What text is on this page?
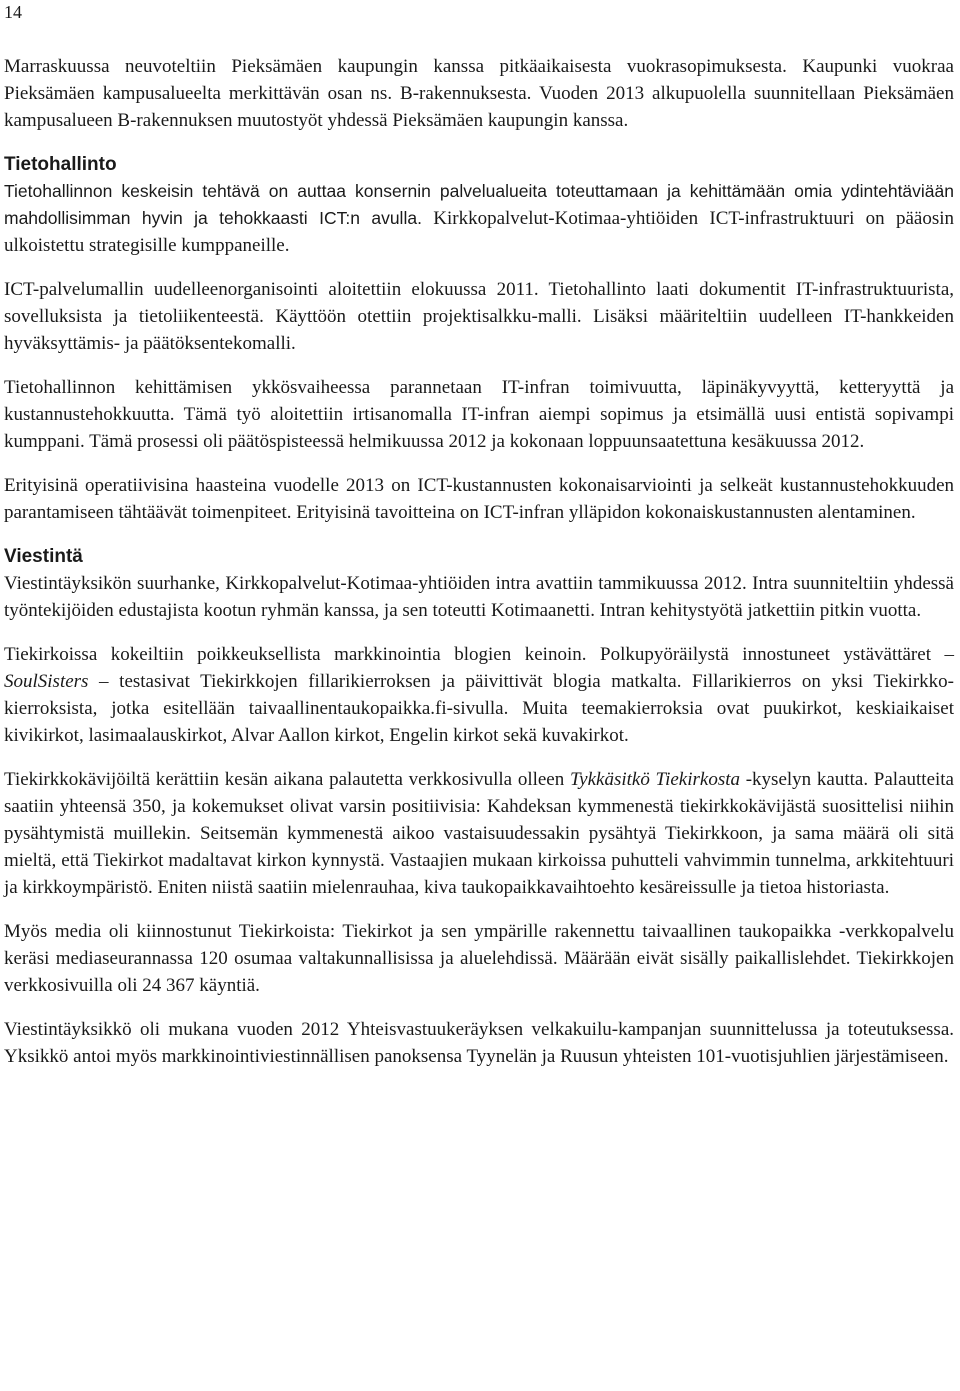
14

Marraskuussa neuvoteltiin Pieksämäen kaupungin kanssa pitkäaikaisesta vuokrasopimuksesta. Kaupunki vuokraa Pieksämäen kampusalueelta merkittävän osan ns. B-rakennuksesta. Vuoden 2013 alkupuolella suunnitellaan Pieksämäen kampusalueen B-rakennuksen muutostyöt yhdessä Pieksämäen kaupungin kanssa.

Tietohallinto

Tietohallinnon keskeisin tehtävä on auttaa konsernin palvelualueita toteuttamaan ja kehittämään omia ydintehtäviään mahdollisimman hyvin ja tehokkaasti ICT:n avulla. Kirkkopalvelut-Kotimaa-yhtiöiden ICT-infrastruktuuri on pääosin ulkoistettu strategisille kumppaneille.

ICT-palvelumallin uudelleenorganisointi aloitettiin elokuussa 2011. Tietohallinto laati dokumentit IT-infrastruktuurista, sovelluksista ja tietoliikenteestä. Käyttöön otettiin projektisalkku-malli. Lisäksi määriteltiin uudelleen IT-hankkeiden hyväksyttämis- ja päätöksentekomalli.

Tietohallinnon kehittämisen ykkösvaiheessa parannetaan IT-infran toimivuutta, läpinäkyvyyttä, ketteryyttä ja kustannustehokkuutta. Tämä työ aloitettiin irtisanomalla IT-infran aiempi sopimus ja etsimällä uusi entistä sopivampi kumppani. Tämä prosessi oli päätöspisteessä helmikuussa 2012 ja kokonaan loppuunsaatettuna kesäkuussa 2012.

Erityisinä operatiivisina haasteina vuodelle 2013 on ICT-kustannusten kokonaisarviointi ja selkeät kustannustehokkuuden parantamiseen tähtäävät toimenpiteet. Erityisinä tavoitteina on ICT-infran ylläpidon kokonaiskustannusten alentaminen.

Viestintä

Viestintäyksikön suurhanke, Kirkkopalvelut-Kotimaa-yhtiöiden intra avattiin tammikuussa 2012. Intra suunniteltiin yhdessä työntekijöiden edustajista kootun ryhmän kanssa, ja sen toteutti Kotimaanetti. Intran kehitystyötä jatkettiin pitkin vuotta.

Tiekirkoissa kokeiltiin poikkeuksellista markkinointia blogien keinoin. Polkupyöräilystä innostuneet ystävättäret – SoulSisters – testasivat Tiekirkkojen fillarikierroksen ja päivittivät blogia matkalta. Fillarikierros on yksi Tiekirkko-kierroksista, jotka esitellään taivaallinentaukopaikka.fi-sivulla. Muita teemakierroksia ovat puukirkot, keskiaikaiset kivikirkot, lasimaalauskirkot, Alvar Aallon kirkot, Engelin kirkot sekä kuvakirkot.

Tiekirkkokävijöiltä kerättiin kesän aikana palautetta verkkosivulla olleen Tykkäsitkö Tiekirkosta -kyselyn kautta. Palautteita saatiin yhteensä 350, ja kokemukset olivat varsin positiivisia: Kahdeksan kymmenestä tiekirkkokävijästä suosittelisi niihin pysähtymistä muillekin. Seitsemän kymmenestä aikoo vastaisuudessakin pysähtyä Tiekirkkoon, ja sama määrä oli sitä mieltä, että Tiekirkot madaltavat kirkon kynnystä. Vastaajien mukaan kirkoissa puhutteli vahvimmin tunnelma, arkkitehtuuri ja kirkkoympäristö. Eniten niistä saatiin mielenrauhaa, kiva taukopaikkavaihtoehto kesäreissulle ja tietoa historiasta.

Myös media oli kiinnostunut Tiekirkoista: Tiekirkot ja sen ympärille rakennettu taivaallinen taukopaikka -verkkopalvelu keräsi mediaseurannassa 120 osumaa valtakunnallisissa ja aluelehdissä. Määrään eivät sisälly paikallislehdet. Tiekirkkojen verkkosivuilla oli 24 367 käyntiä.

Viestintäyksikkö oli mukana vuoden 2012 Yhteisvastuukeräyksen velkakuilu-kampanjan suunnittelussa ja toteutuksessa. Yksikkö antoi myös markkinointiviestinnällisen panoksensa Tyynelän ja Ruusun yhteisten 101-vuotisjuhlien järjestämiseen.
